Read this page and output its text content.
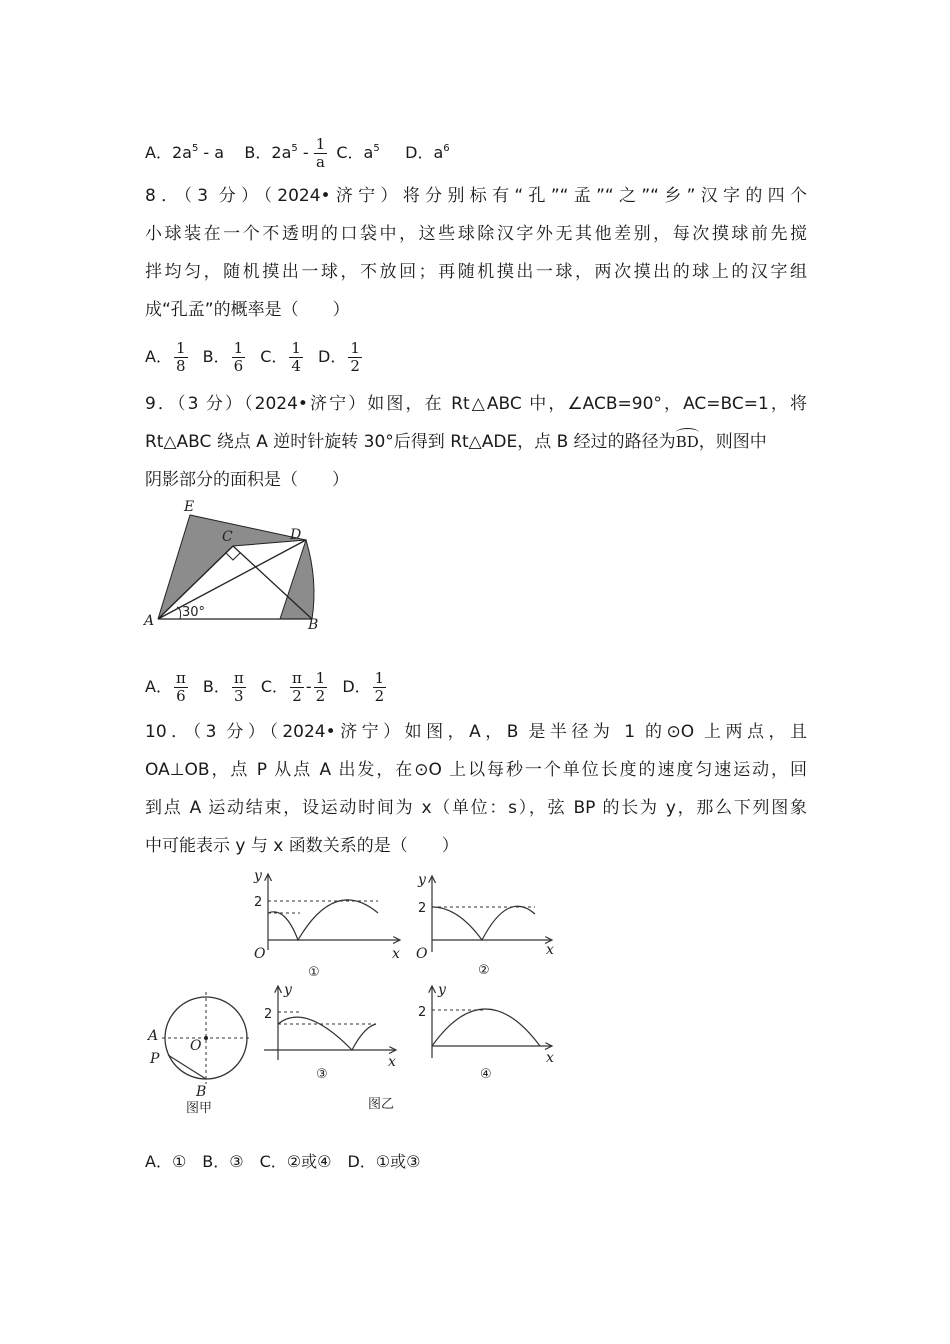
A．$2a^5$ - a B．$2a^5 - \frac{1}{a}$ C．$a^5$ D．$a^6$
8．（3 分）（2024•济宁）将分别标有“孔”“孟”“之”“乡”汉字的四个
小球装在一个不透明的口袋中，这些球除汉字外无其他差别，每次摸球前先搅
拌均匀，随机摸出一球，不放回；再随机摸出一球，两次摸出的球上的汉字组
成“孔孟”的概率是（　　）
A． $\frac{1}{8}$ B． $\frac{1}{6}$ C． $\frac{1}{4}$ D． $\frac{1}{2}$
9．（3 分）（2024•济宁）如图，在 Rt△ABC 中，∠ACB=90°，AC=BC=1，将
Rt△ABC 绕点 A 逆时针旋转 30°后得到 Rt△ADE，点 B 经过的路径为BD，则图中
阴影部分的面积是（　　）
E
C	D
A	B
30°
A． $\frac{\pi}{6}$ B． $\frac{\pi}{3}$ C． $\frac{\pi}{2} - \frac{1}{2}$ D． $\frac{1}{2}$
10．（3 分）（2024•济宁）如图，A，B 是半径为 1 的⊙O 上两点，且
OA⊥OB，点 P 从点 A 出发，在⊙O 上以每秒一个单位长度的速度匀速运动，回
到点 A 运动结束，设运动时间为 x（单位：s），弦 BP 的长为 y，那么下列图象
中可能表示 y 与 x 函数关系的是（　　）
y
2
O	x
①
y
2
O	x
②
A
P
O
B
图甲
y
2
x
③
图乙
y
2
x
④
A．①　B．③　C．②或④　D．①或③
